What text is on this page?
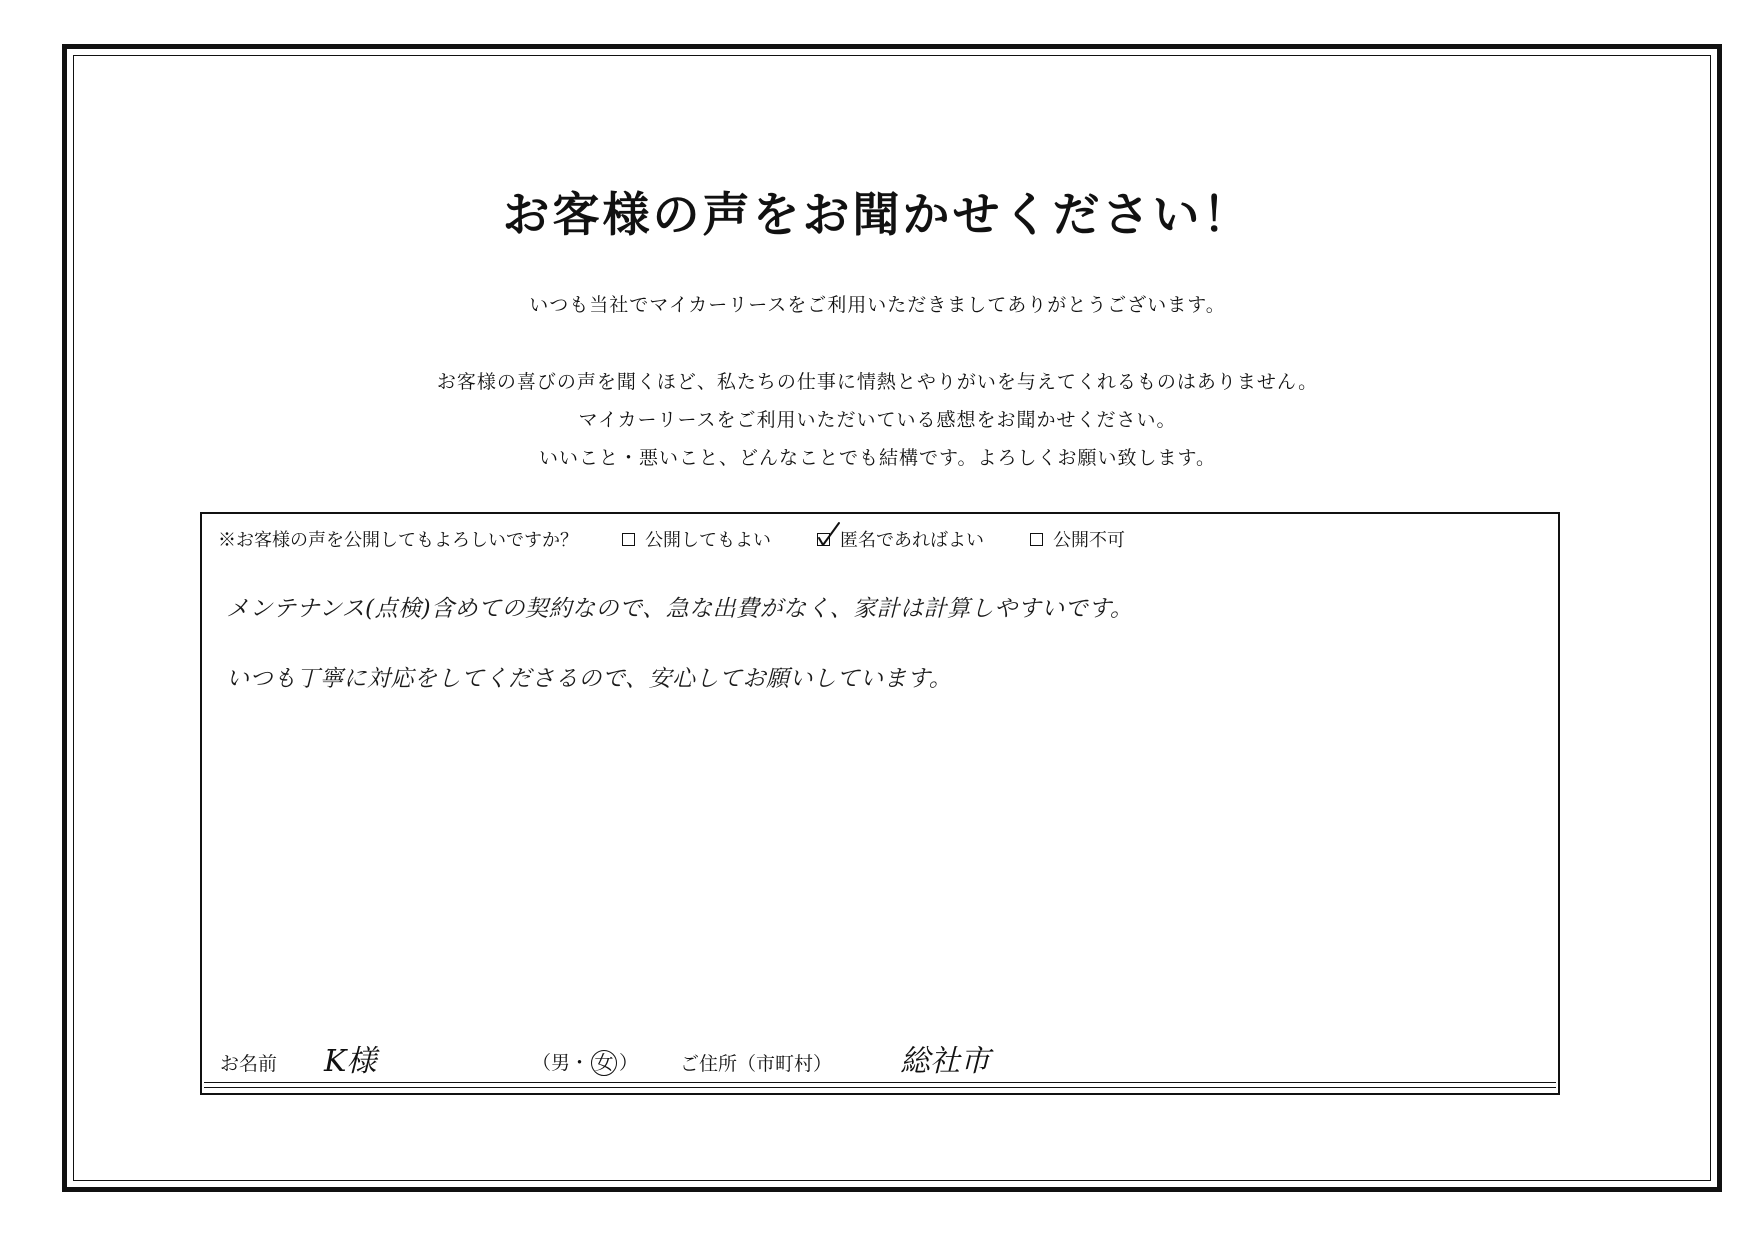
お客様の声をお聞かせください！

いつも当社でマイカーリースをご利用いただきましてありがとうございます。

お客様の喜びの声を聞くほど、私たちの仕事に情熱とやりがいを与えてくれるものはありません。

マイカーリースをご利用いただいている感想をお聞かせください。

いいこと・悪いこと、どんなことでも結構です。よろしくお願い致します。

※お客様の声を公開してもよろしいですか？	公開してもよい	匿名であればよい	公開不可
メンテナンス(点検)含めての契約なので、急な出費がなく、家計は計算しやすいです。
いつも丁寧に対応をしてくださるので、安心してお願いしています。
お名前 K様	（男・ 女 ） ご住所（市町村） 総社市
